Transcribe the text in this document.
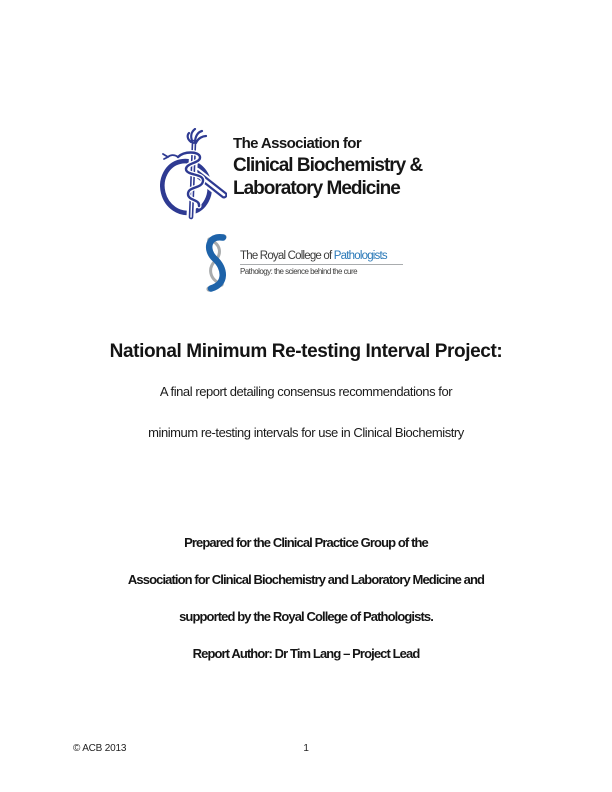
The Association for
Clinical Biochemistry &
Laboratory Medicine
The Royal College of Pathologists
Pathology: the science behind the cure
National Minimum Re-testing Interval Project:

A final report detailing consensus recommendations for

minimum re-testing intervals for use in Clinical Biochemistry

Prepared for the Clinical Practice Group of the

Association for Clinical Biochemistry and Laboratory Medicine and

supported by the Royal College of Pathologists.

Report Author: Dr Tim Lang – Project Lead

© ACB 2013	1
